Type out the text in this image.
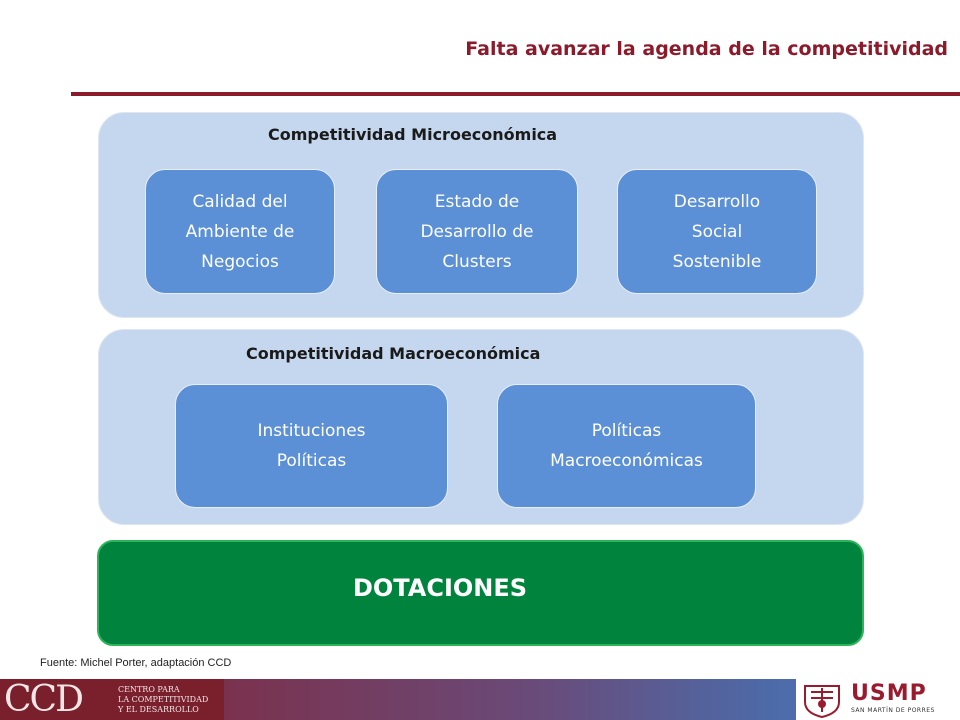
Falta avanzar la agenda de la competitividad
Competitividad Microeconómica
Calidad del
Ambiente de
Negocios
Estado de
Desarrollo de
Clusters
Desarrollo
Social
Sostenible
Competitividad Macroeconómica
Instituciones
Políticas
Políticas
Macroeconómicas
DOTACIONES
Fuente: Michel Porter, adaptación CCD
CCD	CENTRO PARA
LA COMPETITIVIDAD
Y EL DESARROLLO
USMP
SAN MARTÍN DE PORRES
